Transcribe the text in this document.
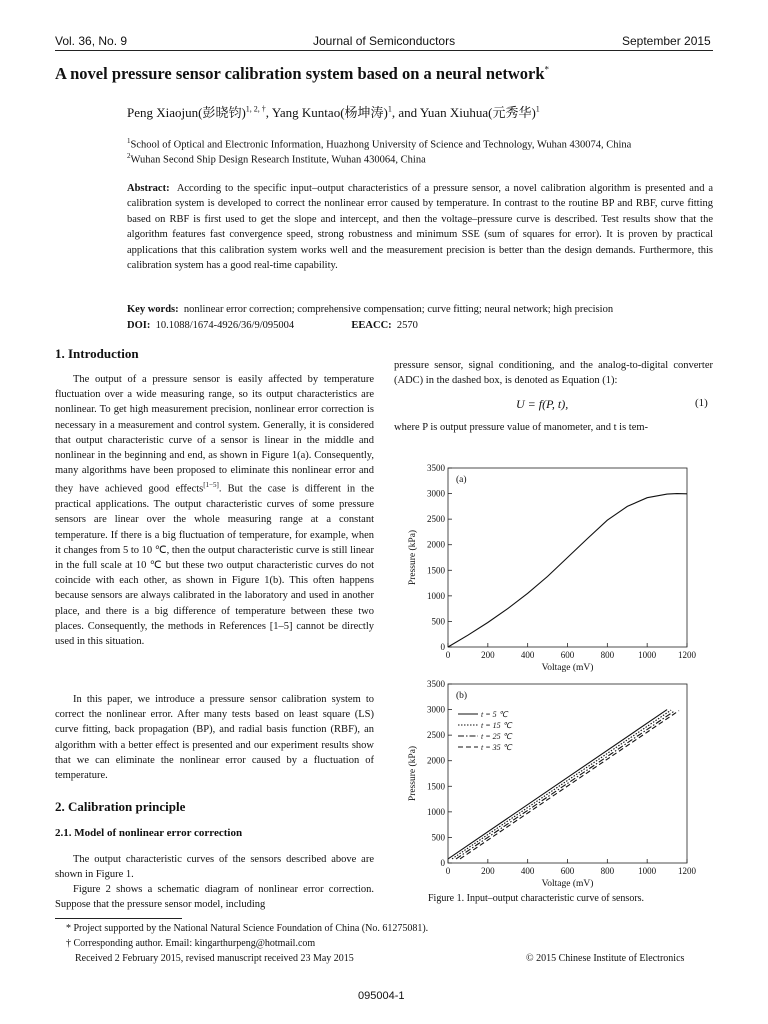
Vol. 36, No. 9	Journal of Semiconductors	September 2015
A novel pressure sensor calibration system based on a neural network*
Peng Xiaojun(彭晓钧)$^{1, 2, \dagger}$, Yang Kuntao(杨坤涛)$^1$, and Yuan Xiuhua(元秀华)$^1$
$^1$School of Optical and Electronic Information, Huazhong University of Science and Technology, Wuhan 430074, China
$^2$Wuhan Second Ship Design Research Institute, Wuhan 430064, China
Abstract: According to the specific input–output characteristics of a pressure sensor, a novel calibration algorithm is presented and a calibration system is developed to correct the nonlinear error caused by temperature. In contrast to the routine BP and RBF, curve fitting based on RBF is first used to get the slope and intercept, and then the voltage–pressure curve is described. Test results show that the algorithm features fast convergence speed, strong robustness and minimum SSE (sum of squares for error). It is proven by practical applications that this calibration system works well and the measurement precision is better than the design demands. Furthermore, this calibration system has a good real-time capability.
Key words: nonlinear error correction; comprehensive compensation; curve fitting; neural network; high precision
DOI: 10.1088/1674-4926/36/9/095004	EEACC: 2570
1. Introduction
The output of a pressure sensor is easily affected by temperature fluctuation over a wide measuring range, so its output characteristics are nonlinear. To get high measurement precision, nonlinear error correction is necessary in a measurement and control system. Generally, it is considered that output characteristic curve of a sensor is linear in the middle and nonlinear in the beginning and end, as shown in Figure 1(a). Consequently, many algorithms have been proposed to eliminate this nonlinear error and they have achieved good effects[1−5]. But the case is different in the practical applications. The output characteristic curves of some pressure sensors are linear over the whole measuring range at a constant temperature. If there is a big fluctuation of temperature, for example, when it changes from 5 to 10 ℃, then the output characteristic curve is still linear in the full scale at 10 ℃ but these two output characteristic curves do not coincide with each other, as shown in Figure 1(b). This often happens because sensors are always calibrated in the laboratory and used in another place, and there is a big difference of temperature between these two places. Consequently, the methods in References [1–5] cannot be directly used in this situation.
In this paper, we introduce a pressure sensor calibration system to correct the nonlinear error. After many tests based on least square (LS) curve fitting, back propagation (BP), and radial basis function (RBF), an algorithm with a better effect is presented and our experiment results show that we can eliminate the nonlinear error caused by a fluctuation of temperature.
2. Calibration principle
2.1. Model of nonlinear error correction
The output characteristic curves of the sensors described above are shown in Figure 1.
Figure 2 shows a schematic diagram of nonlinear error correction. Suppose that the pressure sensor model, including
pressure sensor, signal conditioning, and the analog-to-digital converter (ADC) in the dashed box, is denoted as Equation (1):
U = f(P, t),	(1)
where P is output pressure value of manometer, and t is tem-
0
500
1000
1500
2000
2500
3000
3500
0	200	400	600	800	1000 1200
Voltage (mV)
Pressure (kPa)
(a)
0
500
1000
1500
2000
2500
3000
3500
0	200	400	600	800	1000 1200
Voltage (mV)
Pressure (kPa)
(b)
t = 5 ℃
t = 15 ℃
t = 25 ℃
t = 35 ℃
Figure 1. Input–output characteristic curve of sensors.
* Project supported by the National Natural Science Foundation of China (No. 61275081).
† Corresponding author. Email: kingarthurpeng@hotmail.com
Received 2 February 2015, revised manuscript received 23 May 2015	© 2015 Chinese Institute of Electronics
095004-1
